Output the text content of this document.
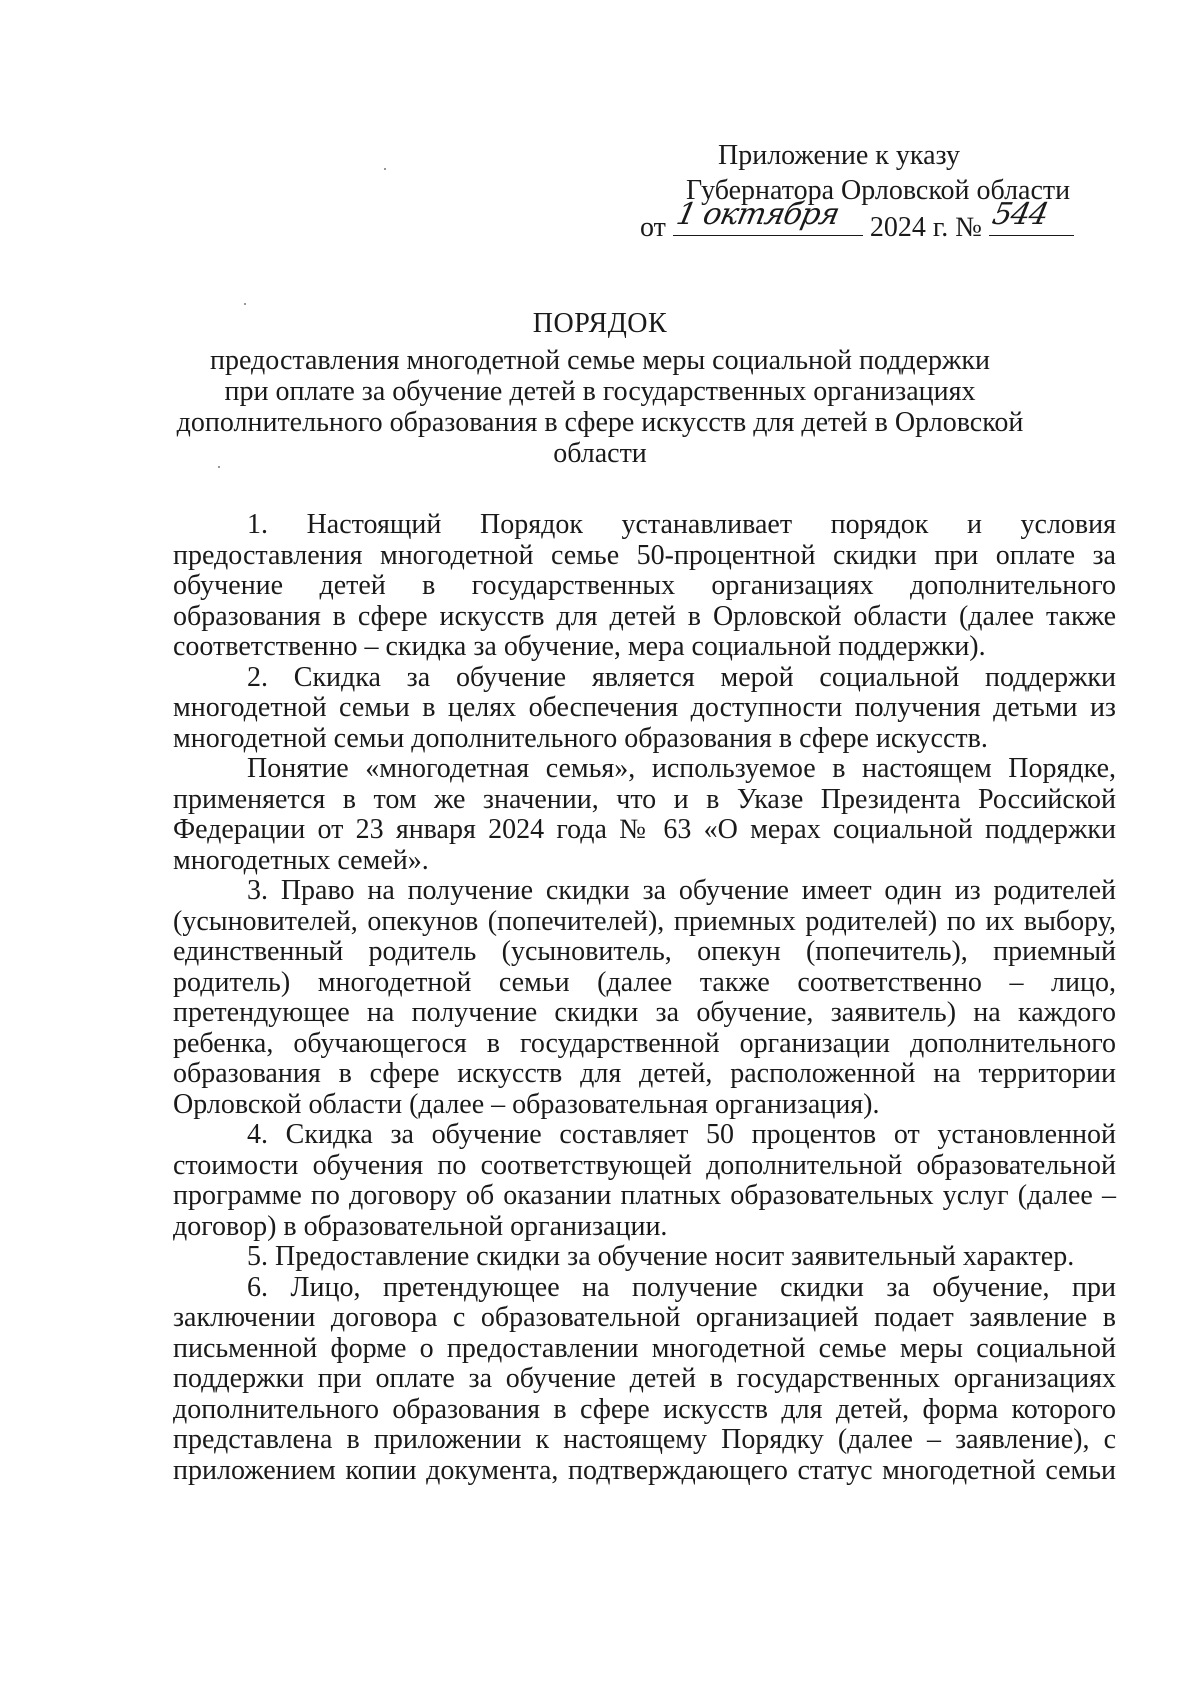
Приложение к указу
Губернатора Орловской области
от 1 октября 2024 г. № 544
ПОРЯДОК
предоставления многодетной семье меры социальной поддержки
при оплате за обучение детей в государственных организациях
дополнительного образования в сфере искусств для детей в Орловской
области

1. Настоящий Порядок устанавливает порядок и условия предоставления многодетной семье 50-процентной скидки при оплате за обучение детей в государственных организациях дополнительного образования в сфере искусств для детей в Орловской области (далее также соответственно – скидка за обучение, мера социальной поддержки).

2. Скидка за обучение является мерой социальной поддержки многодетной семьи в целях обеспечения доступности получения детьми из многодетной семьи дополнительного образования в сфере искусств.

Понятие «многодетная семья», используемое в настоящем Порядке, применяется в том же значении, что и в Указе Президента Российской Федерации от 23 января 2024 года № 63 «О мерах социальной поддержки многодетных семей».

3. Право на получение скидки за обучение имеет один из родителей (усыновителей, опекунов (попечителей), приемных родителей) по их выбору, единственный родитель (усыновитель, опекун (попечитель), приемный родитель) многодетной семьи (далее также соответственно – лицо, претендующее на получение скидки за обучение, заявитель) на каждого ребенка, обучающегося в государственной организации дополнительного образования в сфере искусств для детей, расположенной на территории Орловской области (далее – образовательная организация).

4. Скидка за обучение составляет 50 процентов от установленной стоимости обучения по соответствующей дополнительной образовательной программе по договору об оказании платных образовательных услуг (далее – договор) в образовательной организации.

5. Предоставление скидки за обучение носит заявительный характер.

6. Лицо, претендующее на получение скидки за обучение, при заключении договора с образовательной организацией подает заявление в письменной форме о предоставлении многодетной семье меры социальной поддержки при оплате за обучение детей в государственных организациях дополнительного образования в сфере искусств для детей, форма которого представлена в приложении к настоящему Порядку (далее – заявление), с приложением копии документа, подтверждающего статус многодетной семьи
